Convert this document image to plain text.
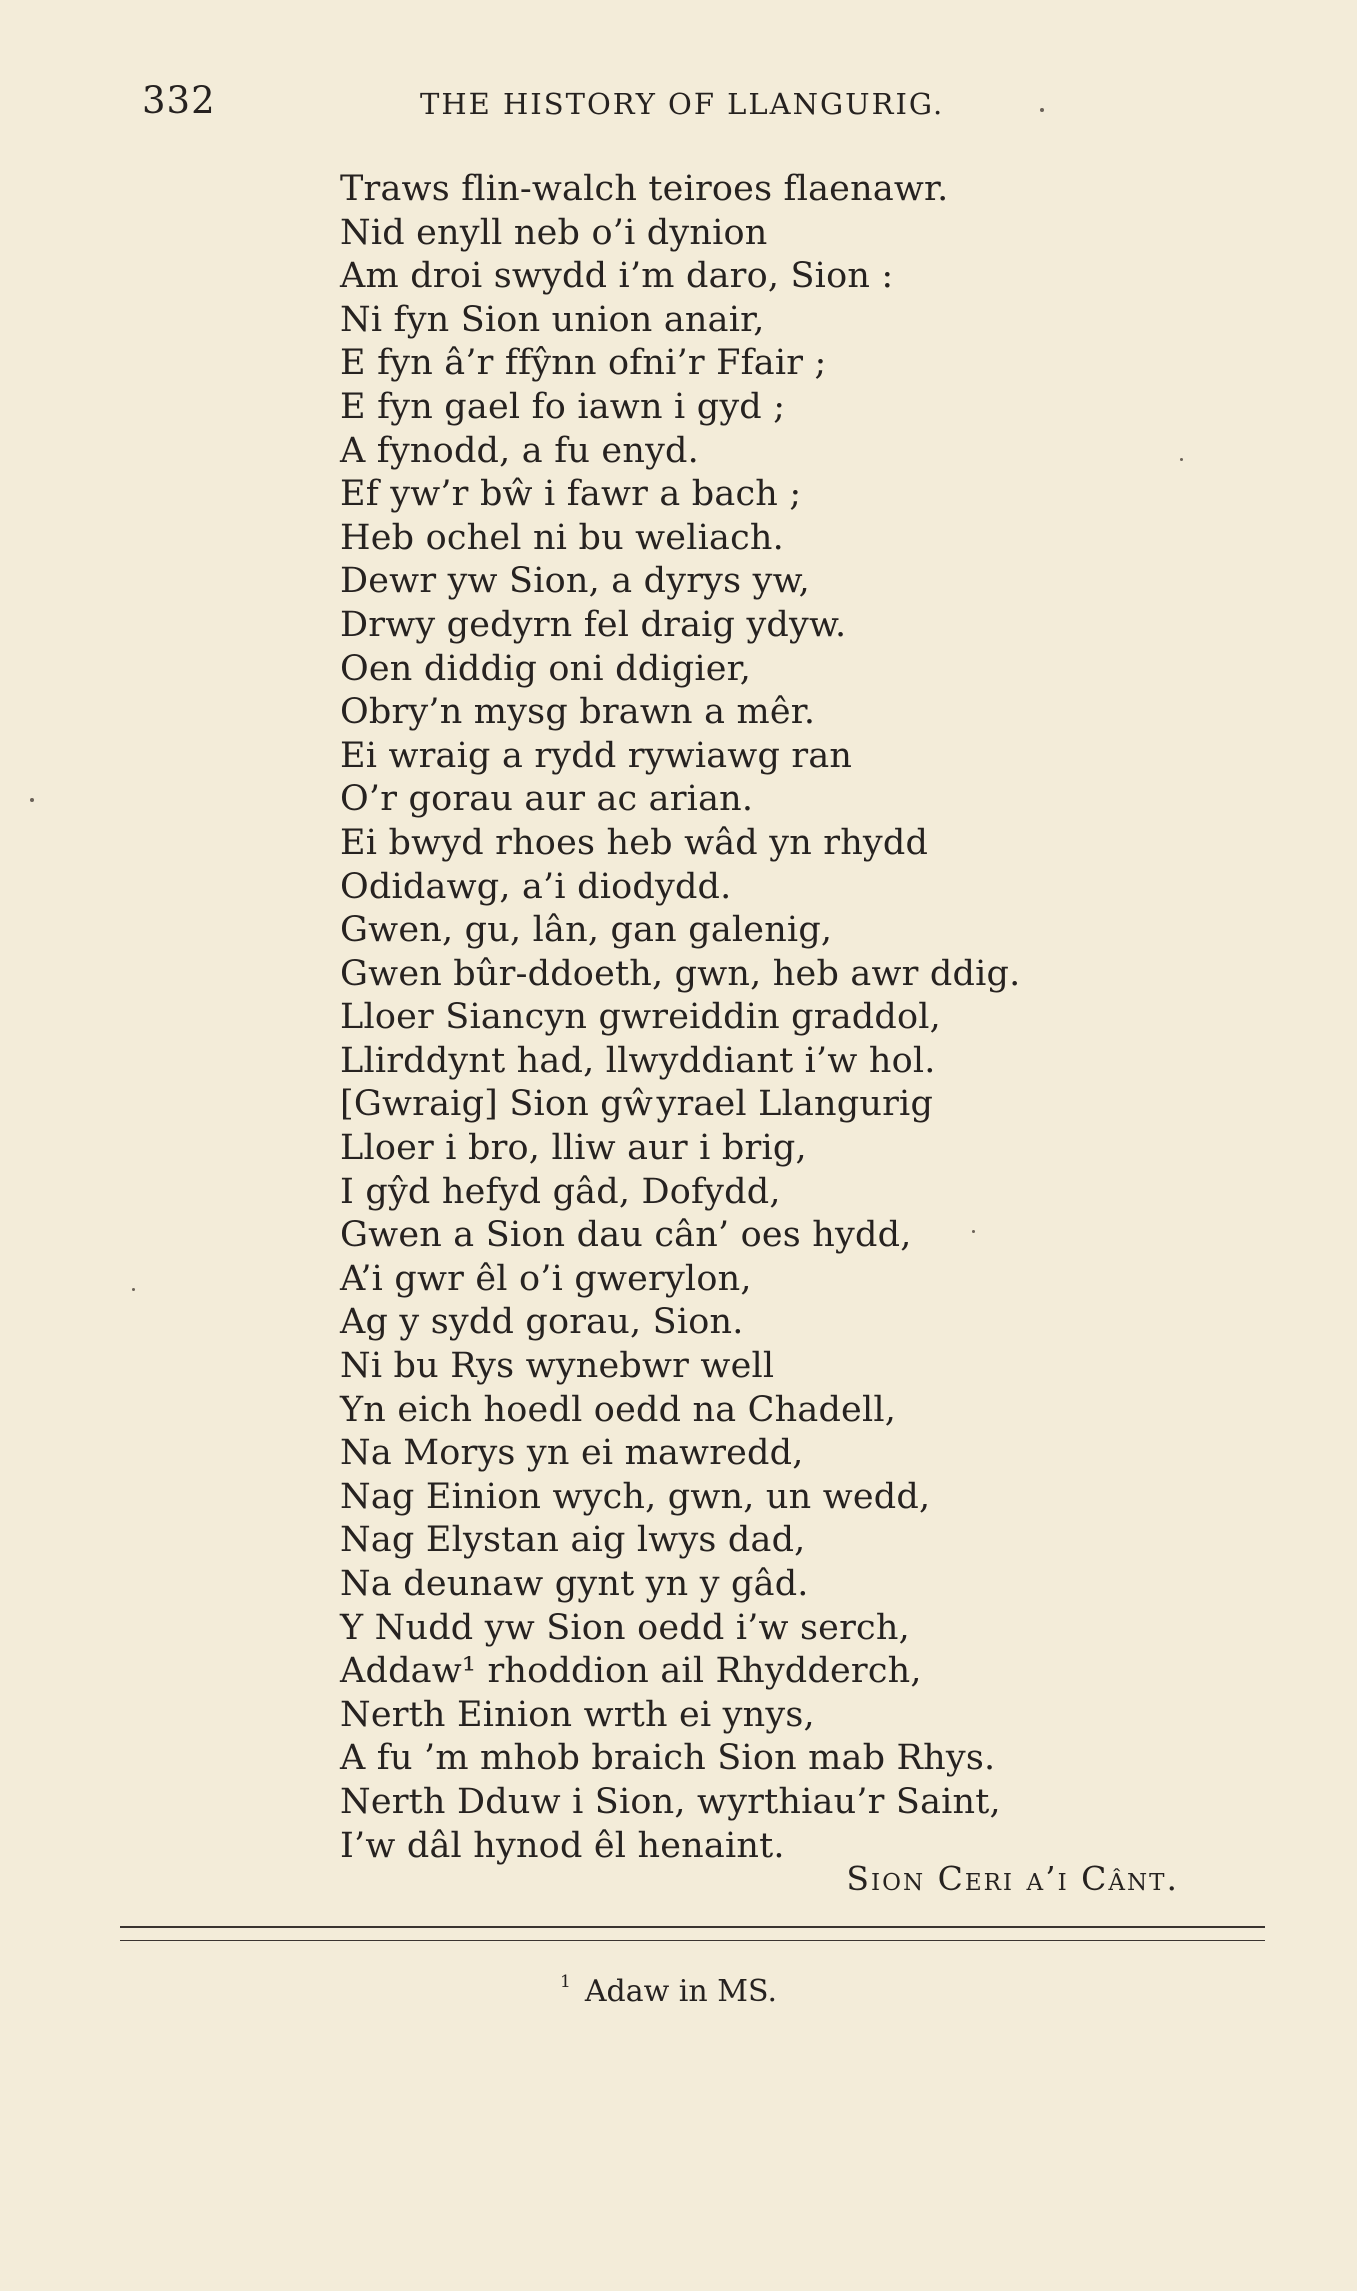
332	THE HISTORY OF LLANGURIG.
Traws flin-walch teiroes flaenawr.
Nid enyll neb o’i dynion
Am droi swydd i’m daro, Sion :
Ni fyn Sion union anair,
E fyn â’r ffŷnn ofni’r Ffair ;
E fyn gael fo iawn i gyd ;
A fynodd, a fu enyd.
Ef yw’r bŵ i fawr a bach ;
Heb ochel ni bu weliach.
Dewr yw Sion, a dyrys yw,
Drwy gedyrn fel draig ydyw.
Oen diddig oni ddigier,
Obry’n mysg brawn a mêr.
Ei wraig a rydd rywiawg ran
O’r gorau aur ac arian.
Ei bwyd rhoes heb wâd yn rhydd
Odidawg, a’i diodydd.
Gwen, gu, lân, gan galenig,
Gwen bûr-ddoeth, gwn, heb awr ddig.
Lloer Siancyn gwreiddin graddol,
Llirddynt had, llwyddiant i’w hol.
[Gwraig] Sion gŵyrael Llangurig
Lloer i bro, lliw aur i brig,
I gŷd hefyd gâd, Dofydd,
Gwen a Sion dau cân’ oes hydd,
A’i gwr êl o’i gwerylon,
Ag y sydd gorau, Sion.
Ni bu Rys wynebwr well
Yn eich hoedl oedd na Chadell,
Na Morys yn ei mawredd,
Nag Einion wych, gwn, un wedd,
Nag Elystan aig lwys dad,
Na deunaw gynt yn y gâd.
Y Nudd yw Sion oedd i’w serch,
Addaw¹ rhoddion ail Rhydderch,
Nerth Einion wrth ei ynys,
A fu ’m mhob braich Sion mab Rhys.
Nerth Dduw i Sion, wyrthiau’r Saint,
I’w dâl hynod êl henaint.
Sion Ceri a’i Cânt.
$^1$ Adaw in MS.
